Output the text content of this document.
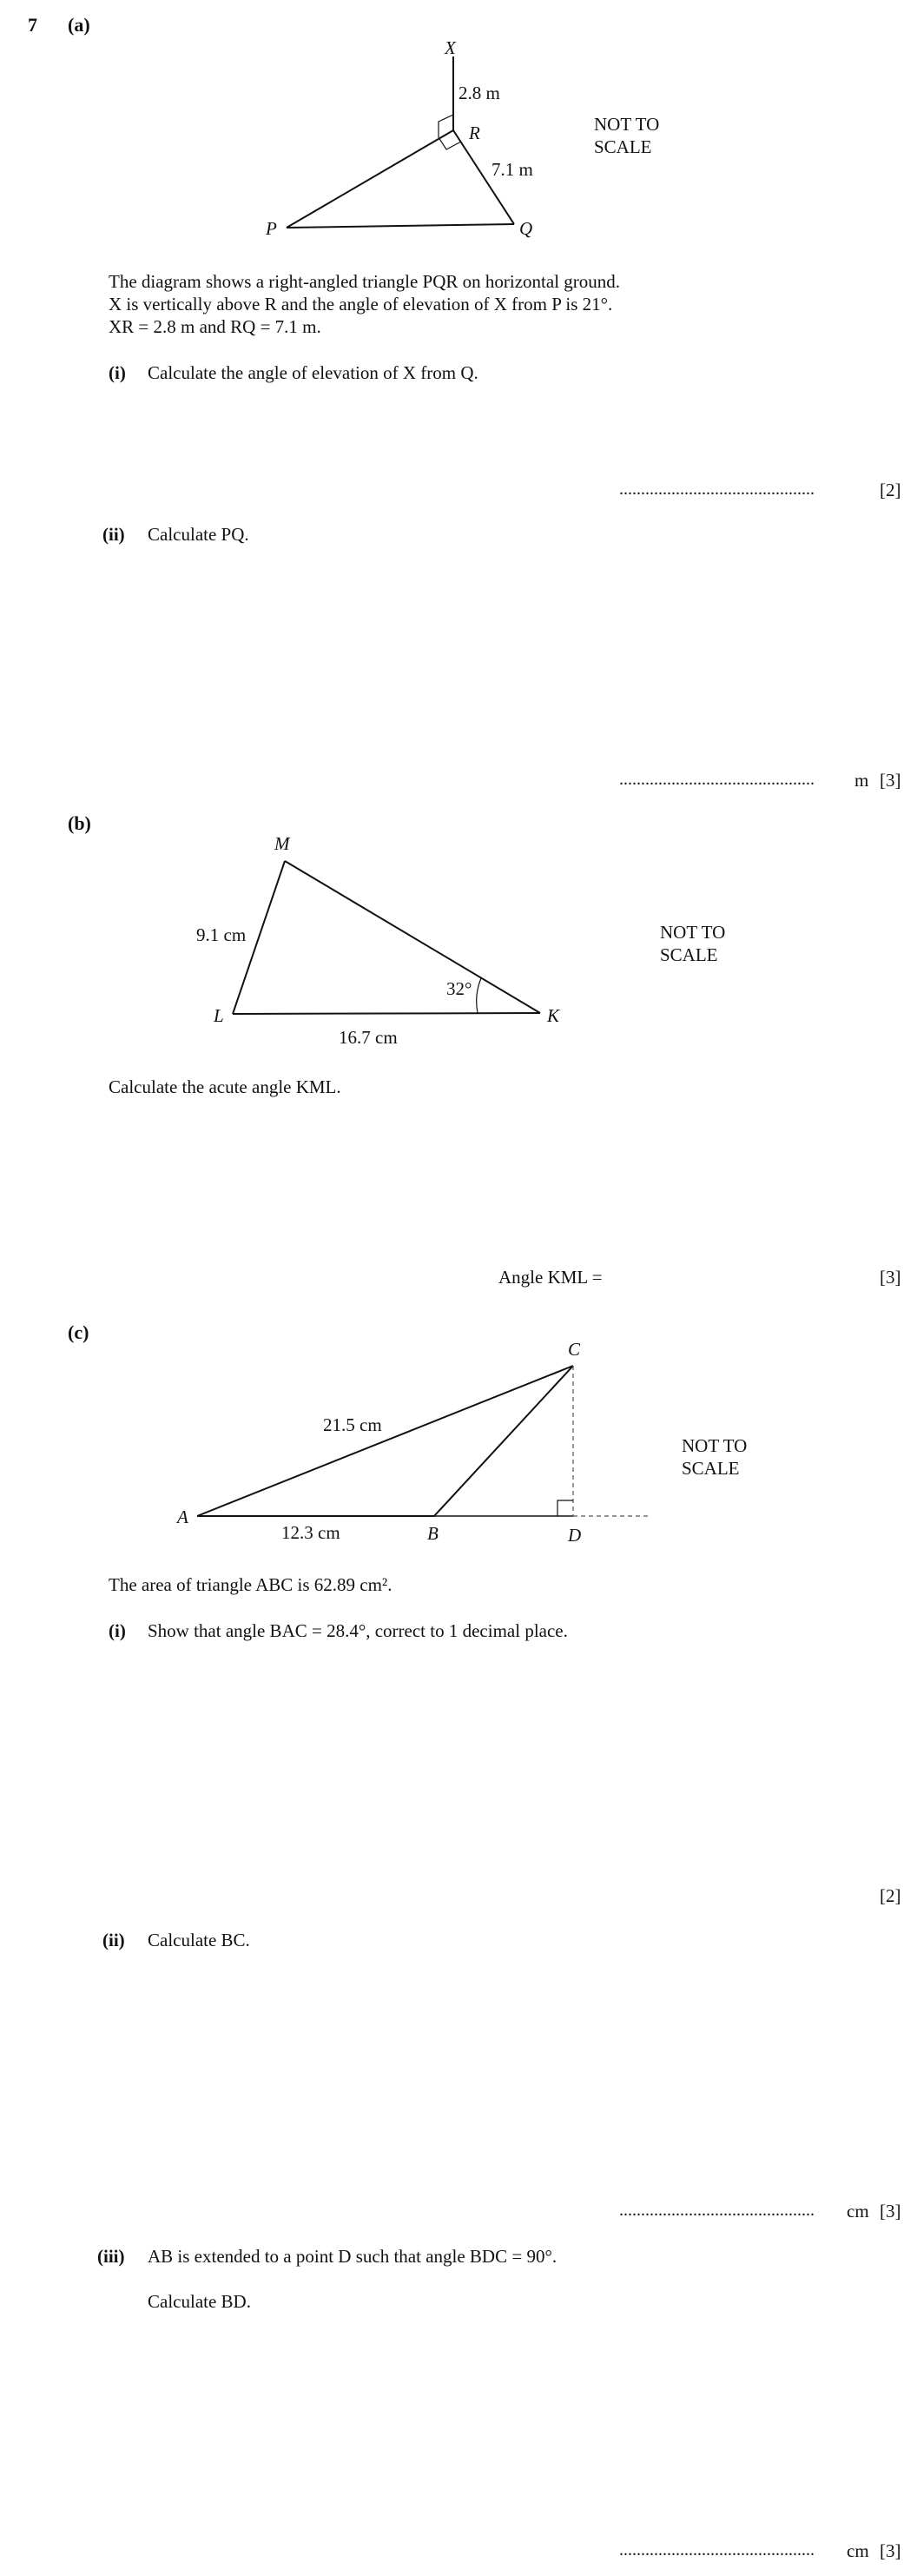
7 (a)
X
R
P	Q
2.8 m
7.1 m
NOT TO
SCALE
The diagram shows a right-angled triangle PQR on horizontal ground.
X is vertically above R and the angle of elevation of X from P is 21°.
XR = 2.8 m and RQ = 7.1 m.
(i) Calculate the angle of elevation of X from Q.
.............................................	[2]
(ii) Calculate PQ.
............................................. m [3]
(b)
M
L	K
9.1 cm
16.7 cm
32°
NOT TO
SCALE
Calculate the acute angle KML.
Angle KML =	[3]
(c)
C
A
B	D
21.5 cm
12.3 cm
NOT TO
SCALE
The area of triangle ABC is 62.89 cm².
(i) Show that angle BAC = 28.4°, correct to 1 decimal place.
[2]
(ii) Calculate BC.
............................................. cm [3]
(iii) AB is extended to a point D such that angle BDC = 90°.
Calculate BD.
............................................. cm [3]
